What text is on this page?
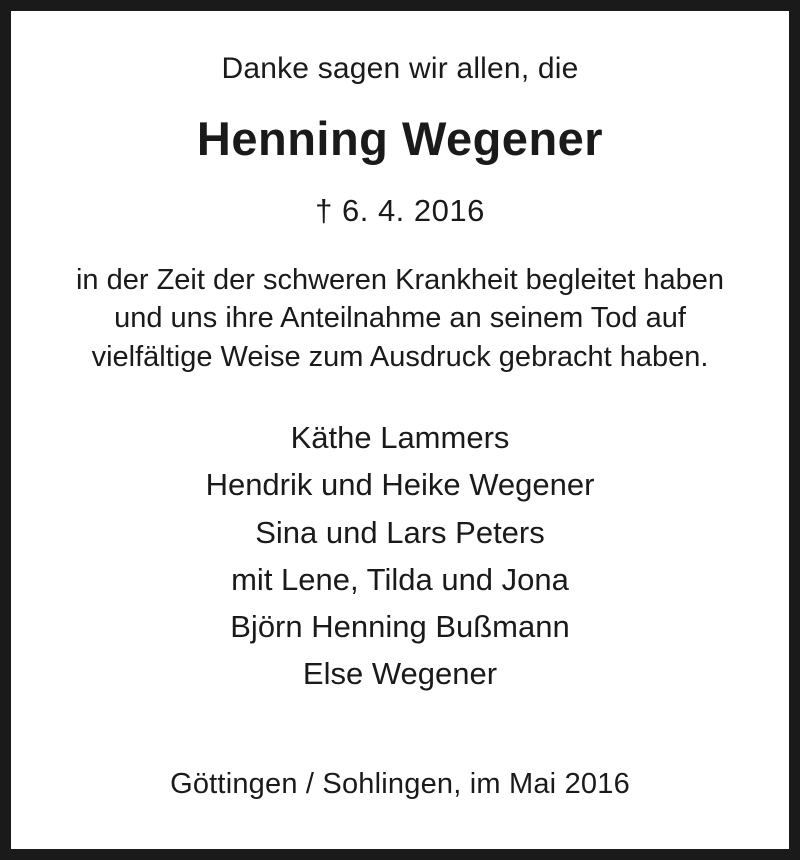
Danke sagen wir allen, die
Henning Wegener
† 6. 4. 2016
in der Zeit der schweren Krankheit begleitet haben und uns ihre Anteilnahme an seinem Tod auf vielfältige Weise zum Ausdruck gebracht haben.
Käthe Lammers
Hendrik und Heike Wegener
Sina und Lars Peters
mit Lene, Tilda und Jona
Björn Henning Bußmann
Else Wegener
Göttingen / Sohlingen, im Mai 2016
